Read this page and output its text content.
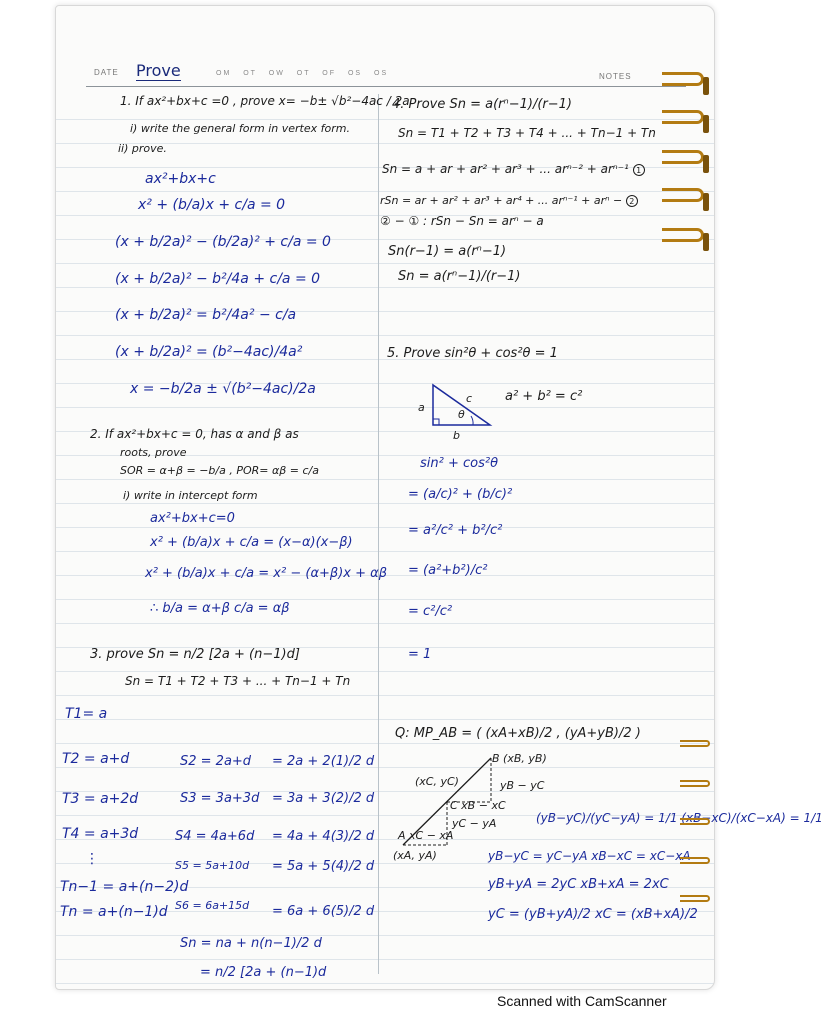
DATE Prove	OM OT OW OT OF OS OS	NOTES
1. If ax²+bx+c =0 , prove x= −b± √b²−4ac / 2a
i) write the general form in vertex form.
ii) prove.
ax²+bx+c
x² + (b/a)x + c/a = 0
(x + b/2a)² − (b/2a)² + c/a = 0
(x + b/2a)² − b²/4a + c/a = 0
(x + b/2a)² = b²/4a² − c/a
(x + b/2a)² = (b²−4ac)/4a²
x = −b/2a ± √(b²−4ac)/2a
2. If ax²+bx+c = 0, has α and β as
roots, prove
SOR = α+β = −b/a , POR= αβ = c/a
i) write in intercept form
ax²+bx+c=0
x² + (b/a)x + c/a = (x−α)(x−β)
x² + (b/a)x + c/a = x² − (α+β)x + αβ
∴ b/a = α+β c/a = αβ
3. prove Sn = n/2 [2a + (n−1)d]
Sn = T1 + T2 + T3 + ... + Tn−1 + Tn
T1= a
T2 = a+d
T3 = a+2d
T4 = a+3d
⋮
Tn−1 = a+(n−2)d
Tn = a+(n−1)d
S2 = 2a+d = 2a + 2(1)/2 d
S3 = 3a+3d = 3a + 3(2)/2 d
S4 = 4a+6d = 4a + 4(3)/2 d
S5 = 5a+10d = 5a + 5(4)/2 d
S6 = 6a+15d = 6a + 6(5)/2 d
Sn = na + n(n−1)/2 d
= n/2 [2a + (n−1)d
4. Prove Sn = a(rⁿ−1)/(r−1)
Sn = T1 + T2 + T3 + T4 + ... + Tn−1 + Tn
Sn = a + ar + ar² + ar³ + ... arⁿ⁻² + arⁿ⁻¹ 1
rSn = ar + ar² + ar³ + ar⁴ + ... arⁿ⁻¹ + arⁿ − 2
② − ① : rSn − Sn = arⁿ − a
Sn(r−1) = a(rⁿ−1)
Sn = a(rⁿ−1)/(r−1)
5. Prove sin²θ + cos²θ = 1
a
b
c
θ
a² + b² = c²
sin² + cos²θ
= (a/c)² + (b/c)²
= a²/c² + b²/c²
= (a²+b²)/c²
= c²/c²
= 1
Q: MP_AB = ( (xA+xB)/2 , (yA+yB)/2 )
B (xB, yB)
(xC, yC)	yB − yC
C xB − xC
yC − yA
A xC − xA
(xA, yA)
(yB−yC)/(yC−yA) = 1/1 (xB−xC)/(xC−xA) = 1/1
yB−yC = yC−yA xB−xC = xC−xA
yB+yA = 2yC xB+xA = 2xC
yC = (yB+yA)/2 xC = (xB+xA)/2
Scanned with CamScanner
